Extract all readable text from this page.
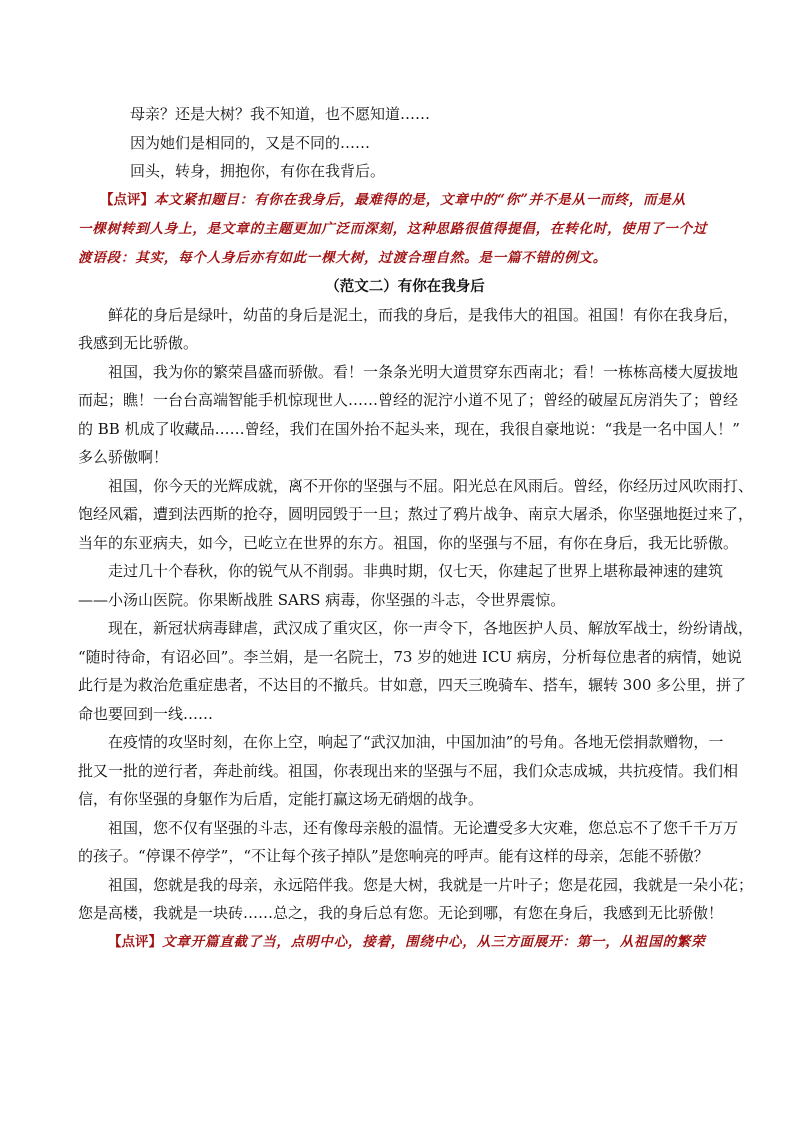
母亲？还是大树？我不知道，也不愿知道……

因为她们是相同的，又是不同的……

回头，转身，拥抱你，有你在我背后。

【点评】本文紧扣题目：有你在我身后，最难得的是，文章中的“你”并不是从一而终，而是从

一棵树转到人身上，是文章的主题更加广泛而深刻，这种思路很值得提倡，在转化时，使用了一个过

渡语段：其实，每个人身后亦有如此一棵大树，过渡合理自然。是一篇不错的例文。

（范文二）有你在我身后

鲜花的身后是绿叶，幼苗的身后是泥土，而我的身后，是我伟大的祖国。祖国！有你在我身后，

我感到无比骄傲。

祖国，我为你的繁荣昌盛而骄傲。看！一条条光明大道贯穿东西南北；看！一栋栋高楼大厦拔地

而起；瞧！一台台高端智能手机惊现世人……曾经的泥泞小道不见了；曾经的破屋瓦房消失了；曾经

的 BB 机成了收藏品……曾经，我们在国外抬不起头来，现在，我很自豪地说：“我是一名中国人！”

多么骄傲啊！

祖国，你今天的光辉成就，离不开你的坚强与不屈。阳光总在风雨后。曾经，你经历过风吹雨打、

饱经风霜，遭到法西斯的抢夺，圆明园毁于一旦；熬过了鸦片战争、南京大屠杀，你坚强地挺过来了，

当年的东亚病夫，如今，已屹立在世界的东方。祖国，你的坚强与不屈，有你在身后，我无比骄傲。

走过几十个春秋，你的锐气从不削弱。非典时期，仅七天，你建起了世界上堪称最神速的建筑

——小汤山医院。你果断战胜 SARS 病毒，你坚强的斗志，令世界震惊。

现在，新冠状病毒肆虐，武汉成了重灾区，你一声令下，各地医护人员、解放军战士，纷纷请战，

“随时待命，有诏必回”。李兰娟，是一名院士，73 岁的她进 ICU 病房，分析每位患者的病情，她说

此行是为救治危重症患者，不达目的不撤兵。甘如意，四天三晚骑车、搭车，辗转 300 多公里，拼了

命也要回到一线……

在疫情的攻坚时刻，在你上空，响起了“武汉加油，中国加油”的号角。各地无偿捐款赠物，一

批又一批的逆行者，奔赴前线。祖国，你表现出来的坚强与不屈，我们众志成城，共抗疫情。我们相

信，有你坚强的身躯作为后盾，定能打赢这场无硝烟的战争。

祖国，您不仅有坚强的斗志，还有像母亲般的温情。无论遭受多大灾难，您总忘不了您千千万万

的孩子。“停课不停学”，“不让每个孩子掉队”是您响亮的呼声。能有这样的母亲，怎能不骄傲？

祖国，您就是我的母亲，永远陪伴我。您是大树，我就是一片叶子；您是花园，我就是一朵小花；

您是高楼，我就是一块砖……总之，我的身后总有您。无论到哪，有您在身后，我感到无比骄傲！

【点评】文章开篇直截了当，点明中心，接着，围绕中心，从三方面展开：第一，从祖国的繁荣
